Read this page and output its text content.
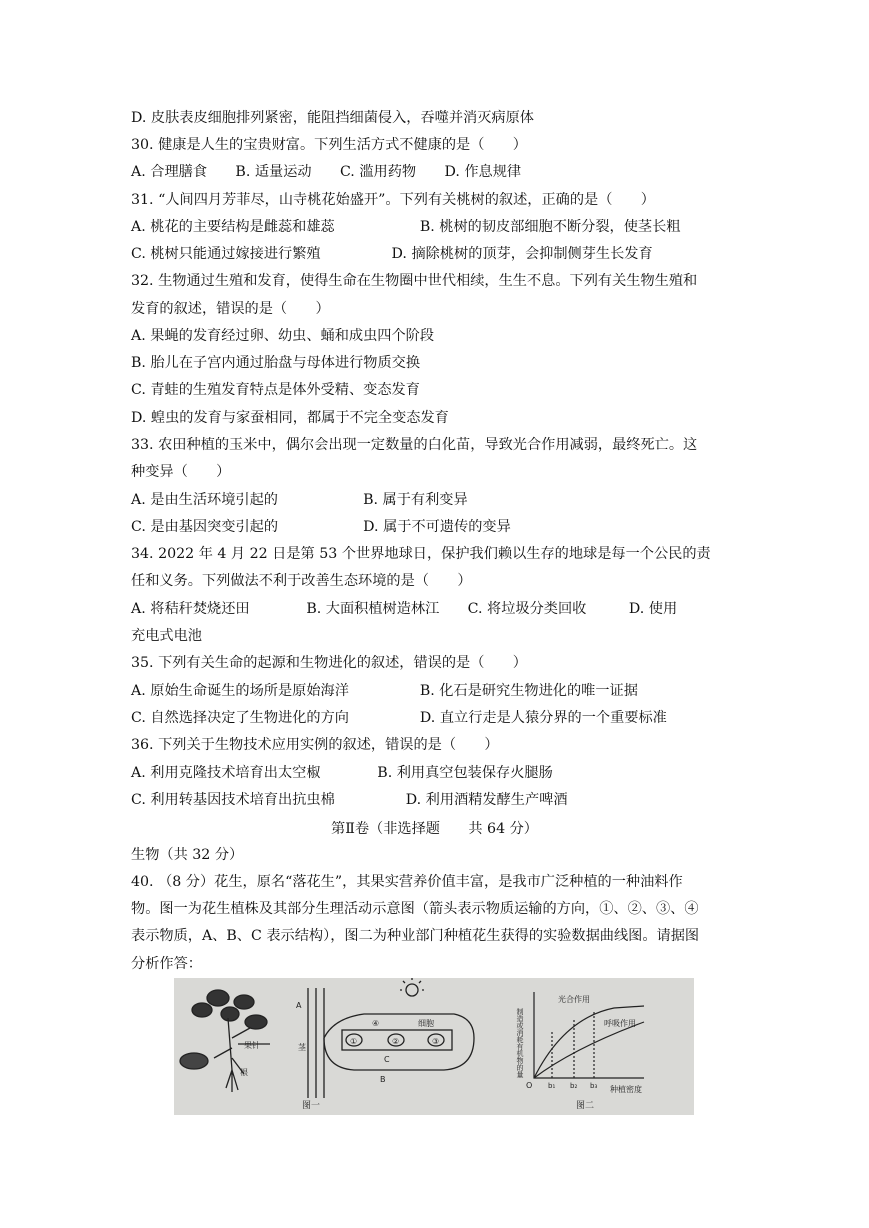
D. 皮肤表皮细胞排列紧密，能阻挡细菌侵入，吞噬并消灭病原体
30. 健康是人生的宝贵财富。下列生活方式不健康的是（　　）
A. 合理膳食　　B. 适量运动　　C. 滥用药物　　D. 作息规律
31. “人间四月芳菲尽，山寺桃花始盛开”。下列有关桃树的叙述，正确的是（　　）
A. 桃花的主要结构是雌蕊和雄蕊　　　　　　B. 桃树的韧皮部细胞不断分裂，使茎长粗
C. 桃树只能通过嫁接进行繁殖　　　　　D. 摘除桃树的顶芽，会抑制侧芽生长发育
32. 生物通过生殖和发育，使得生命在生物圈中世代相续，生生不息。下列有关生物生殖和
发育的叙述，错误的是（　　）
A. 果蝇的发育经过卵、幼虫、蛹和成虫四个阶段
B. 胎儿在子宫内通过胎盘与母体进行物质交换
C. 青蛙的生殖发育特点是体外受精、变态发育
D. 蝗虫的发育与家蚕相同，都属于不完全变态发育
33. 农田种植的玉米中，偶尔会出现一定数量的白化苗，导致光合作用减弱，最终死亡。这
种变异（　　）
A. 是由生活环境引起的　　　　　　B. 属于有利变异
C. 是由基因突变引起的　　　　　　D. 属于不可遗传的变异
34. 2022 年 4 月 22 日是第 53 个世界地球日，保护我们赖以生存的地球是每一个公民的责
任和义务。下列做法不利于改善生态环境的是（　　）
A. 将秸秆焚烧还田　　　　B. 大面积植树造林江　　C. 将垃圾分类回收　　　D. 使用
充电式电池
35. 下列有关生命的起源和生物进化的叙述，错误的是（　　）
A. 原始生命诞生的场所是原始海洋　　　　　B. 化石是研究生物进化的唯一证据
C. 自然选择决定了生物进化的方向　　　　　D. 直立行走是人猿分界的一个重要标准
36. 下列关于生物技术应用实例的叙述，错误的是（　　）
A. 利用克隆技术培育出太空椒　　　　B. 利用真空包装保存火腿肠
C. 利用转基因技术培育出抗虫棉　　　　　D. 利用酒精发酵生产啤酒
第Ⅱ卷（非选择题　　共 64 分）
生物（共 32 分）
40. （8 分）花生，原名“落花生”，其果实营养价值丰富，是我市广泛种植的一种油料作
物。图一为花生植株及其部分生理活动示意图（箭头表示物质运输的方向，①、②、③、④
表示物质，A、B、C 表示结构），图二为种业部门种植花生获得的实验数据曲线图。请据图
分析作答：
果针
根
A
茎
①	②	③
④	细胞
C
B
图一
制造或消耗有机物的量
光合作用
呼吸作用
O b₁ b₂ b₃ 种植密度
图二
